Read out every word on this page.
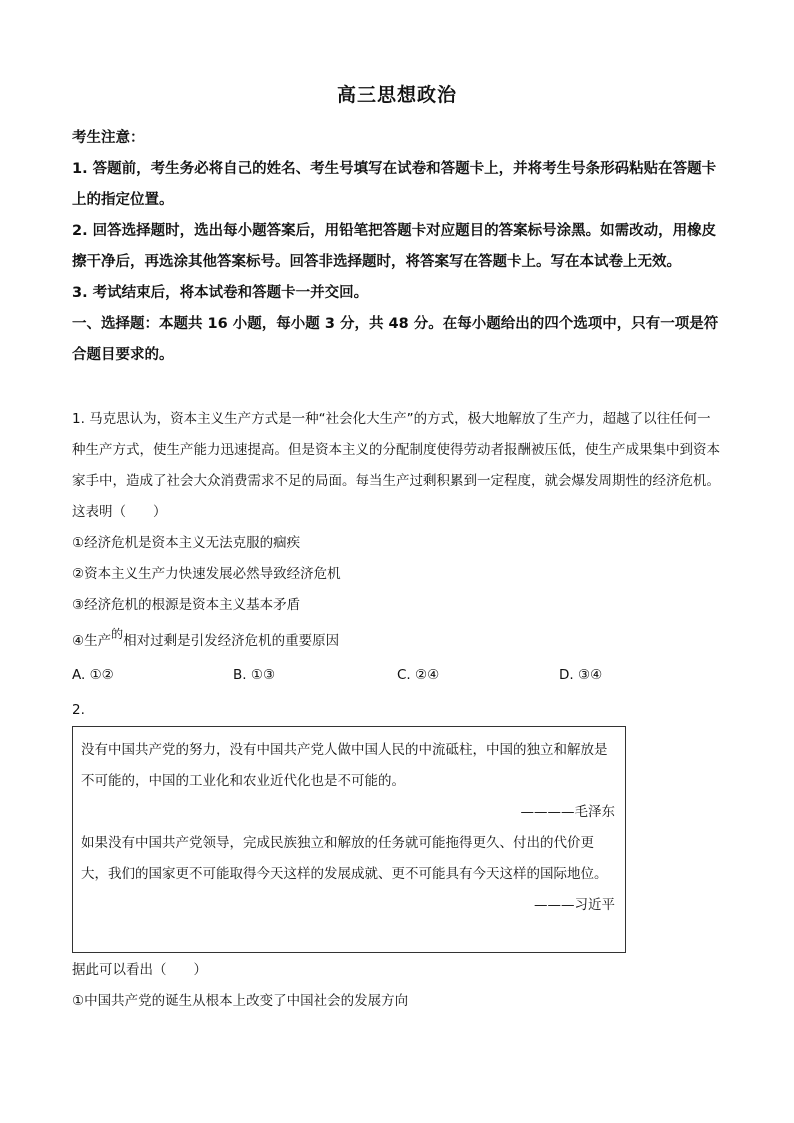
高三思想政治

考生注意：

1. 答题前，考生务必将自己的姓名、考生号填写在试卷和答题卡上，并将考生号条形码粘贴在答题卡上的指定位置。

2. 回答选择题时，选出每小题答案后，用铅笔把答题卡对应题目的答案标号涂黑。如需改动，用橡皮擦干净后，再选涂其他答案标号。回答非选择题时，将答案写在答题卡上。写在本试卷上无效。

3. 考试结束后，将本试卷和答题卡一并交回。

一、选择题：本题共 16 小题，每小题 3 分，共 48 分。在每小题给出的四个选项中，只有一项是符合题目要求的。

1. 马克思认为，资本主义生产方式是一种“社会化大生产”的方式，极大地解放了生产力，超越了以往任何一种生产方式，使生产能力迅速提高。但是资本主义的分配制度使得劳动者报酬被压低，使生产成果集中到资本家手中，造成了社会大众消费需求不足的局面。每当生产过剩积累到一定程度，就会爆发周期性的经济危机。这表明（　　）

①经济危机是资本主义无法克服的痼疾

②资本主义生产力快速发展必然导致经济危机

③经济危机的根源是资本主义基本矛盾

④生产的相对过剩是引发经济危机的重要原因

A. ①②	B. ①③	C. ②④	D. ③④
2.

没有中国共产党的努力，没有中国共产党人做中国人民的中流砥柱，中国的独立和解放是不可能的，中国的工业化和农业近代化也是不可能的。

————毛泽东

如果没有中国共产党领导，完成民族独立和解放的任务就可能拖得更久、付出的代价更大，我们的国家更不可能取得今天这样的发展成就、更不可能具有今天这样的国际地位。

———习近平

据此可以看出（　　）

①中国共产党的诞生从根本上改变了中国社会的发展方向
